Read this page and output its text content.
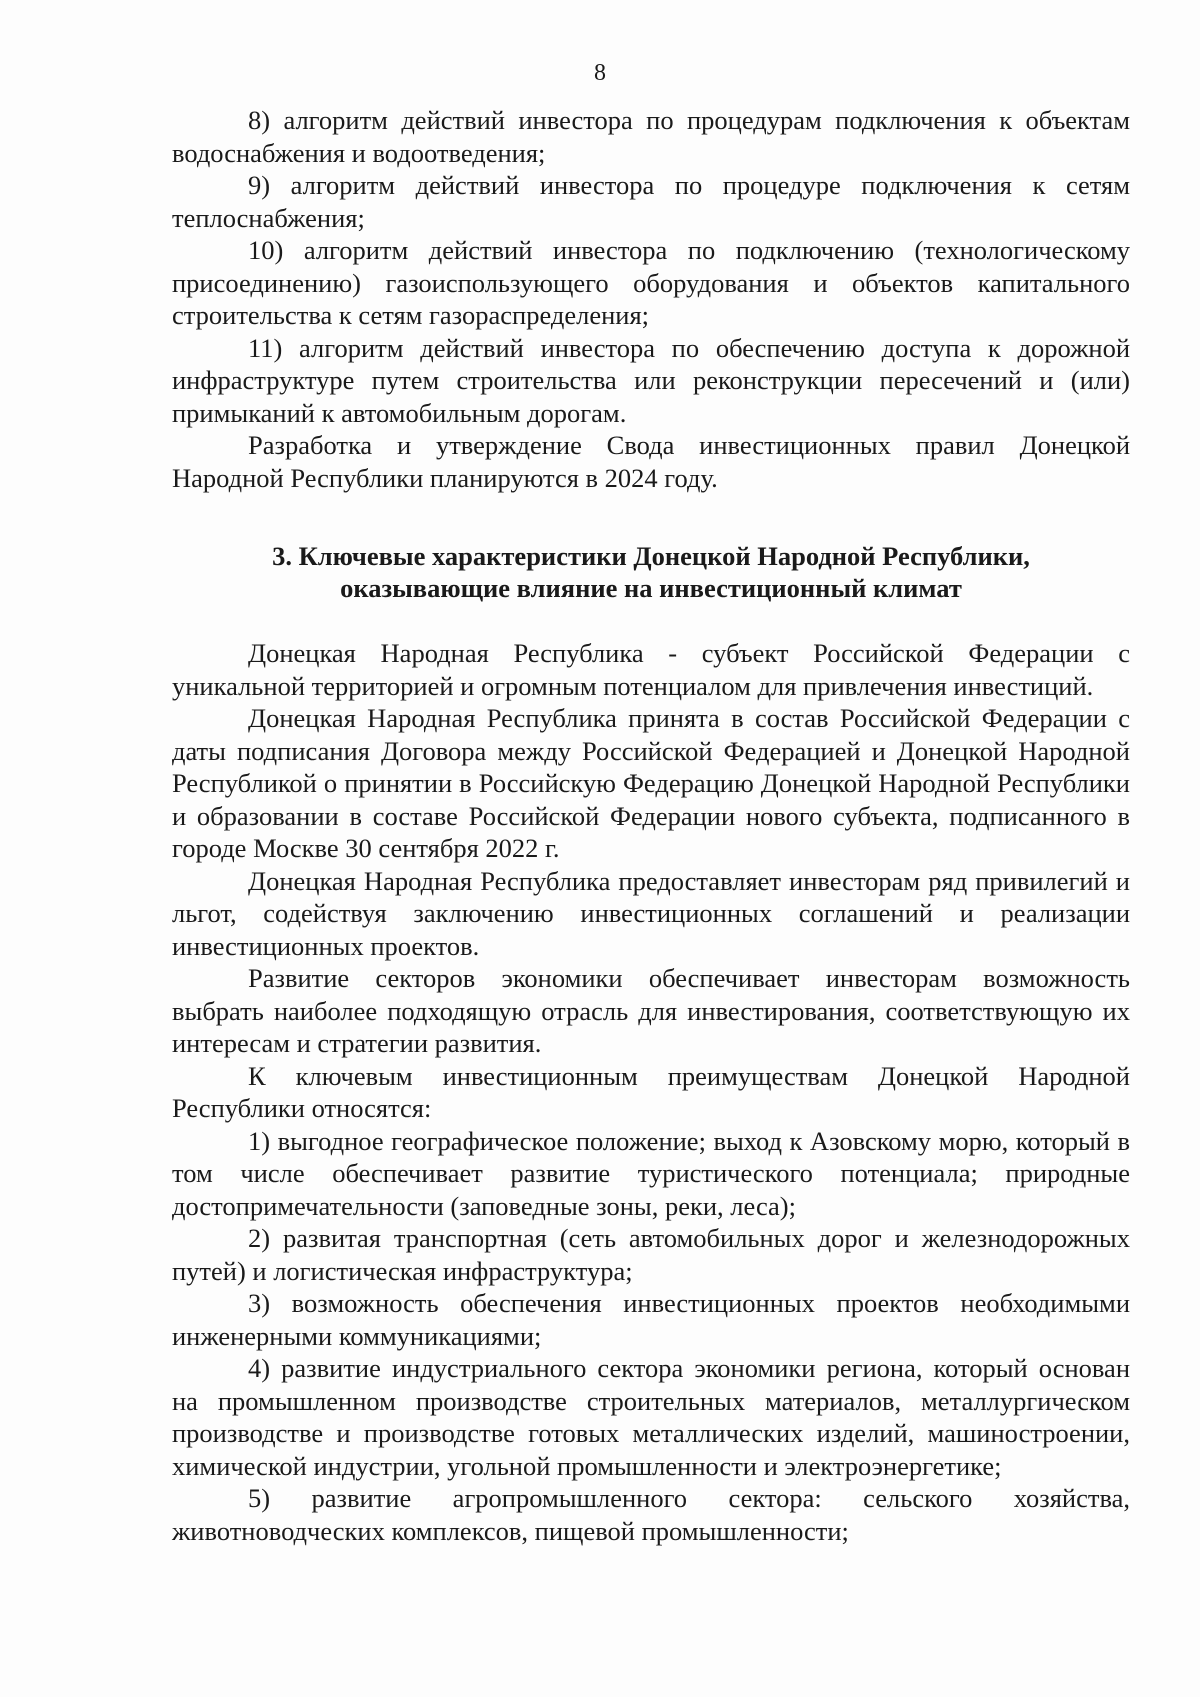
8

8) алгоритм действий инвестора по процедурам подключения к объектам водоснабжения и водоотведения;

9) алгоритм действий инвестора по процедуре подключения к сетям теплоснабжения;

10) алгоритм действий инвестора по подключению (технологическому присоединению) газоиспользующего оборудования и объектов капитального строительства к сетям газораспределения;

11) алгоритм действий инвестора по обеспечению доступа к дорожной инфраструктуре путем строительства или реконструкции пересечений и (или) примыканий к автомобильным дорогам.

Разработка и утверждение Свода инвестиционных правил Донецкой Народной Республики планируются в 2024 году.

3. Ключевые характеристики Донецкой Народной Республики,
оказывающие влияние на инвестиционный климат

Донецкая Народная Республика - субъект Российской Федерации с уникальной территорией и огромным потенциалом для привлечения инвестиций.

Донецкая Народная Республика принята в состав Российской Федерации с даты подписания Договора между Российской Федерацией и Донецкой Народной Республикой о принятии в Российскую Федерацию Донецкой Народной Республики и образовании в составе Российской Федерации нового субъекта, подписанного в городе Москве 30 сентября 2022 г.

Донецкая Народная Республика предоставляет инвесторам ряд привилегий и льгот, содействуя заключению инвестиционных соглашений и реализации инвестиционных проектов.

Развитие секторов экономики обеспечивает инвесторам возможность выбрать наиболее подходящую отрасль для инвестирования, соответствующую их интересам и стратегии развития.

К ключевым инвестиционным преимуществам Донецкой Народной Республики относятся:

1) выгодное географическое положение; выход к Азовскому морю, который в том числе обеспечивает развитие туристического потенциала; природные достопримечательности (заповедные зоны, реки, леса);

2) развитая транспортная (сеть автомобильных дорог и железнодорожных путей) и логистическая инфраструктура;

3) возможность обеспечения инвестиционных проектов необходимыми инженерными коммуникациями;

4) развитие индустриального сектора экономики региона, который основан на промышленном производстве строительных материалов, металлургическом производстве и производстве готовых металлических изделий, машиностроении, химической индустрии, угольной промышленности и электроэнергетике;

5) развитие агропромышленного сектора: сельского хозяйства, животноводческих комплексов, пищевой промышленности;
